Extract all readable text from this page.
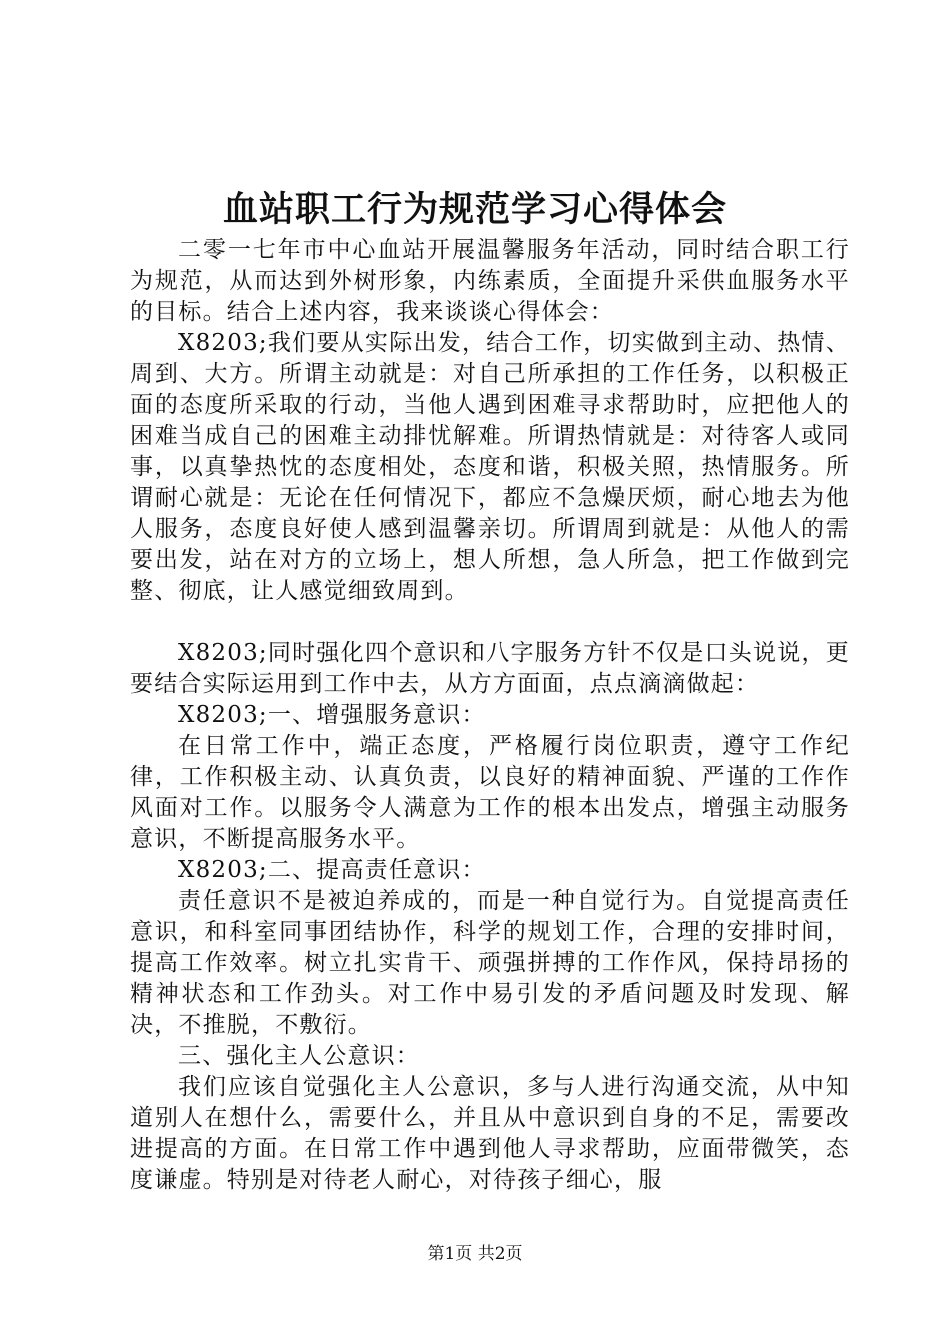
血站职工行为规范学习心得体会

二零一七年市中心血站开展温馨服务年活动，同时结合职工行为规范，从而达到外树形象，内练素质，全面提升采供血服务水平的目标。结合上述内容，我来谈谈心得体会：

X8203;我们要从实际出发，结合工作，切实做到主动、热情、周到、大方。所谓主动就是：对自己所承担的工作任务，以积极正面的态度所采取的行动，当他人遇到困难寻求帮助时，应把他人的困难当成自己的困难主动排忧解难。所谓热情就是：对待客人或同事，以真挚热忱的态度相处，态度和谐，积极关照，热情服务。所谓耐心就是：无论在任何情况下，都应不急燥厌烦，耐心地去为他人服务，态度良好使人感到温馨亲切。所谓周到就是：从他人的需要出发，站在对方的立场上，想人所想，急人所急，把工作做到完整、彻底，让人感觉细致周到。

X8203;同时强化四个意识和八字服务方针不仅是口头说说，更要结合实际运用到工作中去，从方方面面，点点滴滴做起：

X8203;一、增强服务意识：

在日常工作中，端正态度，严格履行岗位职责，遵守工作纪律，工作积极主动、认真负责，以良好的精神面貌、严谨的工作作风面对工作。以服务令人满意为工作的根本出发点，增强主动服务意识，不断提高服务水平。

X8203;二、提高责任意识：

责任意识不是被迫养成的，而是一种自觉行为。自觉提高责任意识，和科室同事团结协作，科学的规划工作，合理的安排时间，提高工作效率。树立扎实肯干、顽强拼搏的工作作风，保持昂扬的精神状态和工作劲头。对工作中易引发的矛盾问题及时发现、解决，不推脱，不敷衍。

三、强化主人公意识：

我们应该自觉强化主人公意识，多与人进行沟通交流，从中知道别人在想什么，需要什么，并且从中意识到自身的不足，需要改进提高的方面。在日常工作中遇到他人寻求帮助，应面带微笑，态度谦虚。特别是对待老人耐心，对待孩子细心，服

第1页 共2页
